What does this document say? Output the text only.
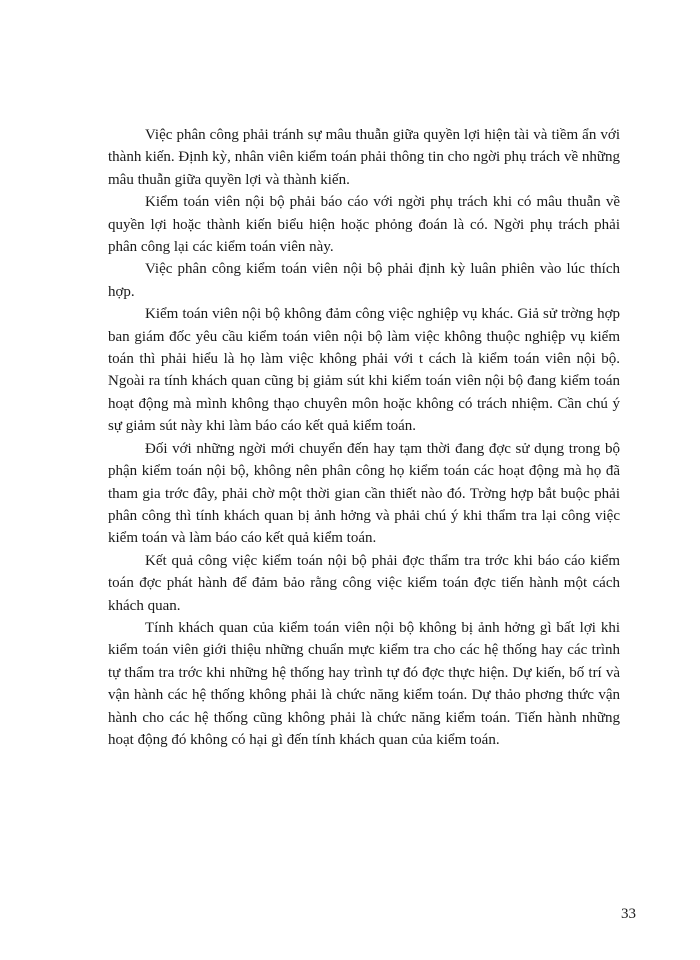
Việc phân công phải tránh sự mâu thuẫn giữa quyền lợi hiện tài và tiềm ẩn với thành kiến. Định kỳ, nhân viên kiểm toán phải thông tin cho ngời phụ trách về những mâu thuẫn giữa quyền lợi và thành kiến.

Kiểm toán viên nội bộ phải báo cáo với ngời phụ trách khi có mâu thuẫn về quyền lợi hoặc thành kiến biểu hiện hoặc phỏng đoán là có. Ngời phụ trách phải phân công lại các kiểm toán viên này.

Việc phân công kiểm toán viên nội bộ phải định kỳ luân phiên vào lúc thích hợp.

Kiểm toán viên nội bộ không đảm công việc nghiệp vụ khác. Giả sử trờng hợp ban giám đốc yêu cầu kiểm toán viên nội bộ làm việc không thuộc nghiệp vụ kiểm toán thì phải hiểu là họ làm việc không phải với t cách là kiểm toán viên nội bộ. Ngoài ra tính khách quan cũng bị giảm sút khi kiểm toán viên nội bộ đang kiểm toán hoạt động mà mình không thạo chuyên môn hoặc không có trách nhiệm. Cần chú ý sự giảm sút này khi làm báo cáo kết quả kiểm toán.

Đối với những ngời mới chuyển đến hay tạm thời đang đợc sử dụng trong bộ phận kiểm toán nội bộ, không nên phân công họ kiểm toán các hoạt động mà họ đã tham gia trớc đây, phải chờ một thời gian cần thiết nào đó. Trờng hợp bắt buộc phải phân công thì tính khách quan bị ảnh hởng và phải chú ý khi thẩm tra lại công việc kiểm toán và làm báo cáo kết quả kiểm toán.

Kết quả công việc kiểm toán nội bộ phải đợc thẩm tra trớc khi báo cáo kiểm toán đợc phát hành để đảm bảo rằng công việc kiểm toán đợc tiến hành một cách khách quan.

Tính khách quan của kiểm toán viên nội bộ không bị ảnh hởng gì bất lợi khi kiểm toán viên giới thiệu những chuẩn mực kiểm tra cho các hệ thống hay các trình tự thẩm tra trớc khi những hệ thống hay trình tự đó đợc thực hiện. Dự kiến, bố trí và vận hành các hệ thống không phải là chức năng kiểm toán. Dự thảo phơng thức vận hành cho các hệ thống cũng không phải là chức năng kiểm toán. Tiến hành những hoạt động đó không có hại gì đến tính khách quan của kiểm toán.

33
